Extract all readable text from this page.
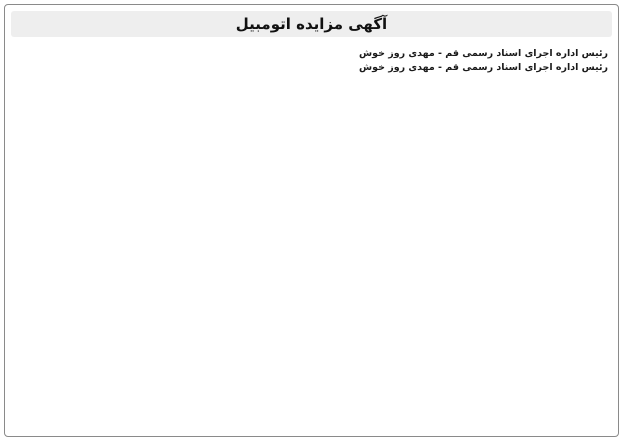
آگهی مزایده اتومبیل
رئیس اداره اجرای اسناد رسمی قم - مهدی روز خوش
رئیس اداره اجرای اسناد رسمی قم - مهدی روز خوش
